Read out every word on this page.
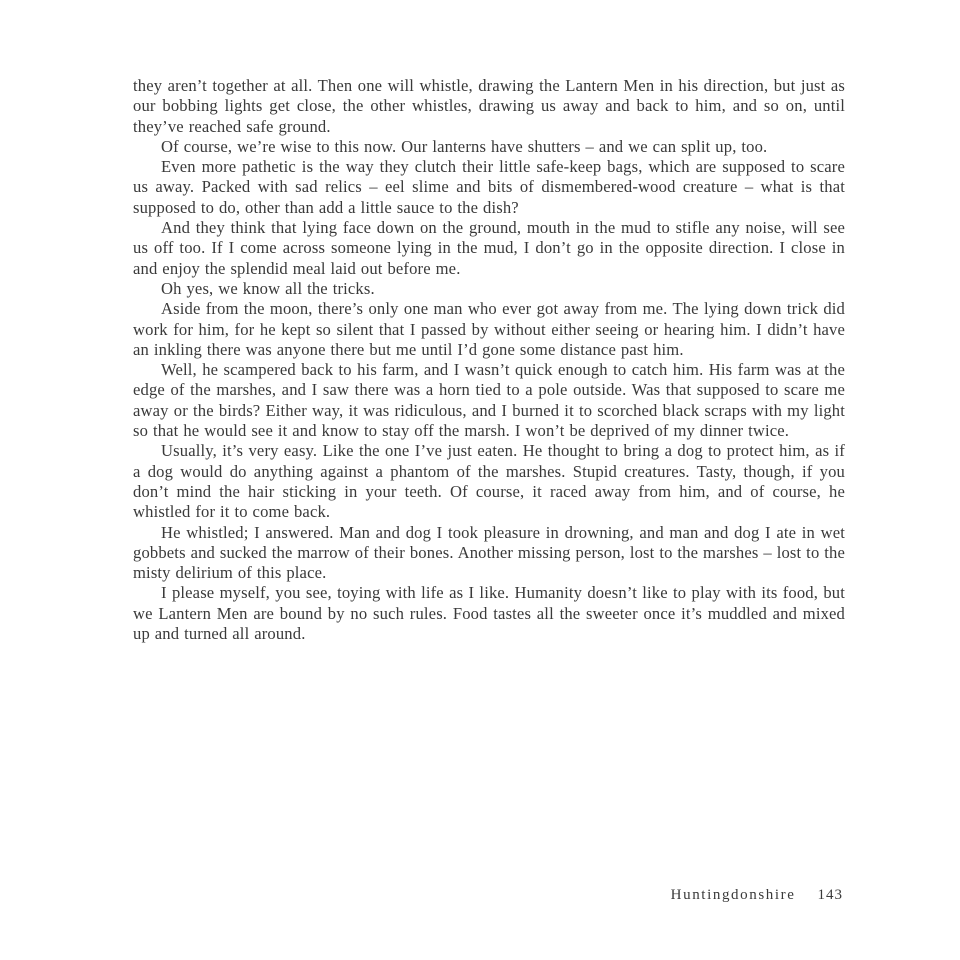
they aren’t together at all. Then one will whistle, drawing the Lantern Men in his direction, but just as our bobbing lights get close, the other whistles, drawing us away and back to him, and so on, until they’ve reached safe ground.

Of course, we’re wise to this now. Our lanterns have shutters – and we can split up, too.

Even more pathetic is the way they clutch their little safe-keep bags, which are supposed to scare us away. Packed with sad relics – eel slime and bits of dismembered-wood creature – what is that supposed to do, other than add a little sauce to the dish?

And they think that lying face down on the ground, mouth in the mud to stifle any noise, will see us off too. If I come across someone lying in the mud, I don’t go in the opposite direction. I close in and enjoy the splendid meal laid out before me.

Oh yes, we know all the tricks.

Aside from the moon, there’s only one man who ever got away from me. The lying down trick did work for him, for he kept so silent that I passed by without either seeing or hearing him. I didn’t have an inkling there was anyone there but me until I’d gone some distance past him.

Well, he scampered back to his farm, and I wasn’t quick enough to catch him. His farm was at the edge of the marshes, and I saw there was a horn tied to a pole outside. Was that supposed to scare me away or the birds? Either way, it was ridiculous, and I burned it to scorched black scraps with my light so that he would see it and know to stay off the marsh. I won’t be deprived of my dinner twice.

Usually, it’s very easy. Like the one I’ve just eaten. He thought to bring a dog to protect him, as if a dog would do anything against a phantom of the marshes. Stupid creatures. Tasty, though, if you don’t mind the hair sticking in your teeth. Of course, it raced away from him, and of course, he whistled for it to come back.

He whistled; I answered. Man and dog I took pleasure in drowning, and man and dog I ate in wet gobbets and sucked the marrow of their bones. Another missing person, lost to the marshes – lost to the misty delirium of this place.

I please myself, you see, toying with life as I like. Humanity doesn’t like to play with its food, but we Lantern Men are bound by no such rules. Food tastes all the sweeter once it’s muddled and mixed up and turned all around.

Huntingdonshire 143
